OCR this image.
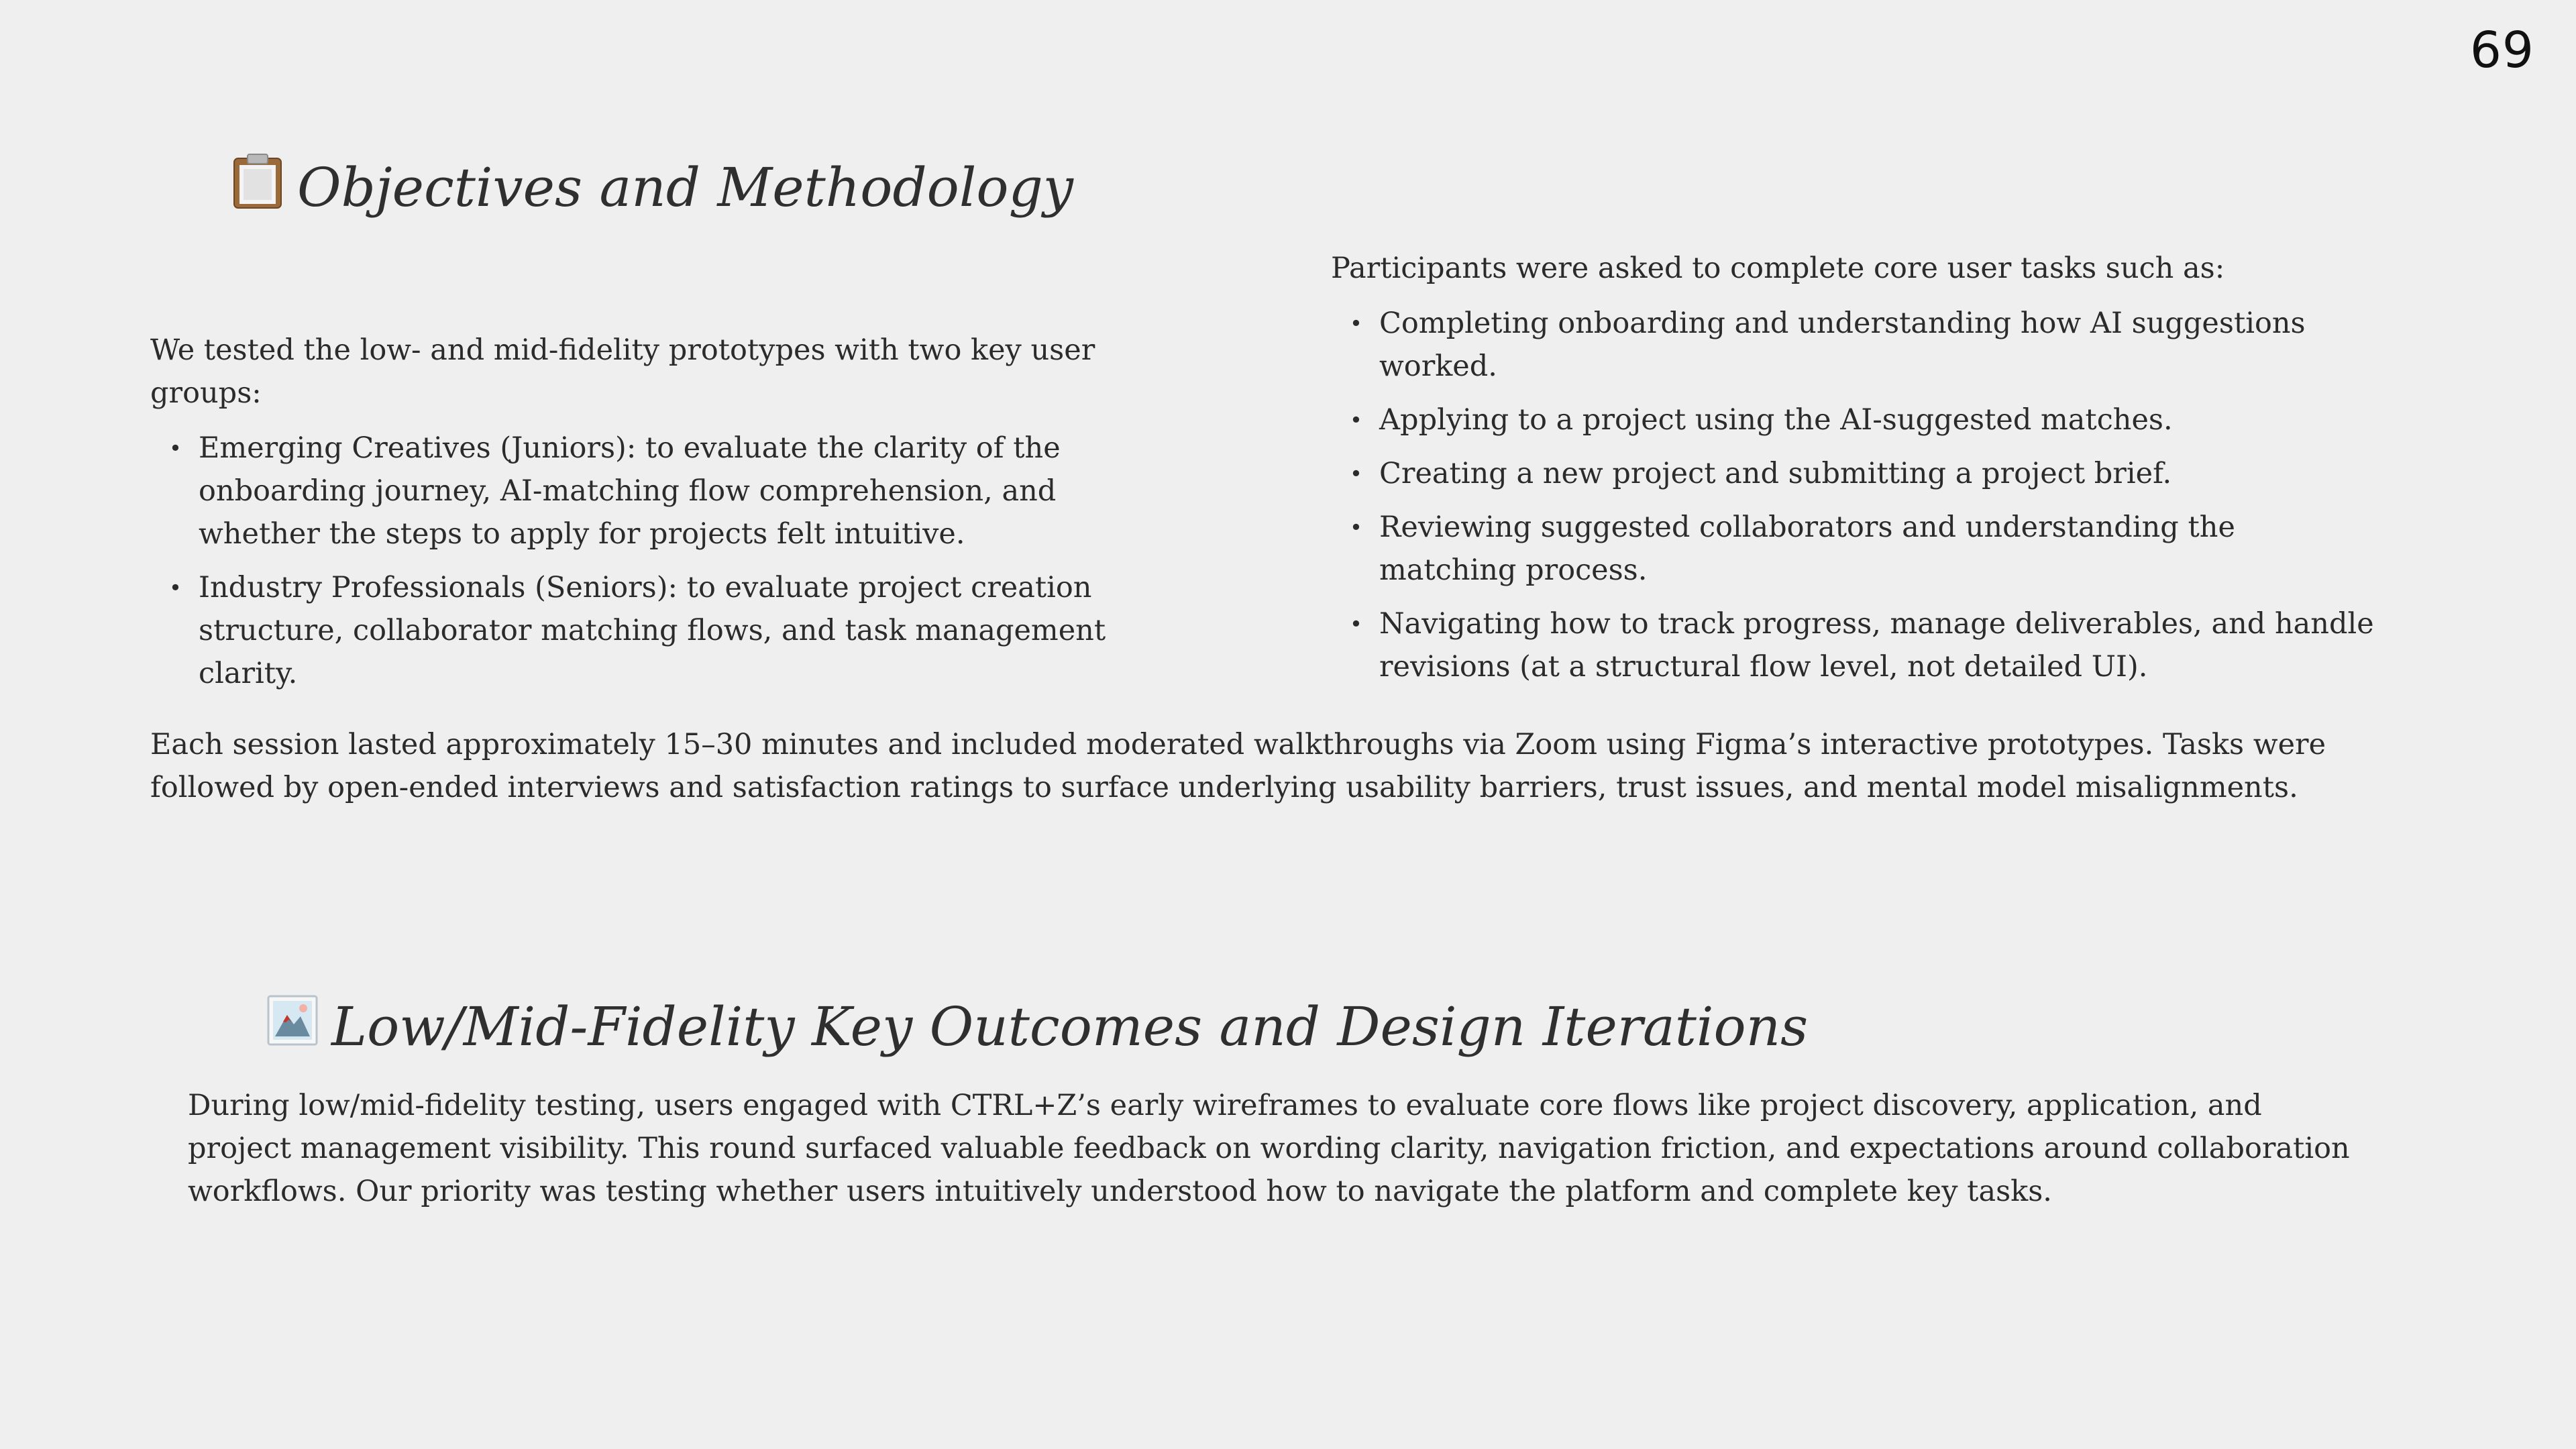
69
Objectives and Methodology

We tested the low- and mid-fidelity prototypes with two key user groups:

• Emerging Creatives (Juniors): to evaluate the clarity of the onboarding journey, AI-matching flow comprehension, and whether the steps to apply for projects felt intuitive.
• Industry Professionals (Seniors): to evaluate project creation structure, collaborator matching flows, and task management clarity.

Participants were asked to complete core user tasks such as:

• Completing onboarding and understanding how AI suggestions worked.
• Applying to a project using the AI-suggested matches.
• Creating a new project and submitting a project brief.
• Reviewing suggested collaborators and understanding the matching process.
• Navigating how to track progress, manage deliverables, and handle revisions (at a structural flow level, not detailed UI).

Each session lasted approximately 15–30 minutes and included moderated walkthroughs via Zoom using Figma’s interactive prototypes. Tasks were followed by open-ended interviews and satisfaction ratings to surface underlying usability barriers, trust issues, and mental model misalignments.

Low/Mid-Fidelity Key Outcomes and Design Iterations

During low/mid-fidelity testing, users engaged with CTRL+Z’s early wireframes to evaluate core flows like project discovery, application, and project management visibility. This round surfaced valuable feedback on wording clarity, navigation friction, and expectations around collaboration workflows. Our priority was testing whether users intuitively understood how to navigate the platform and complete key tasks.
